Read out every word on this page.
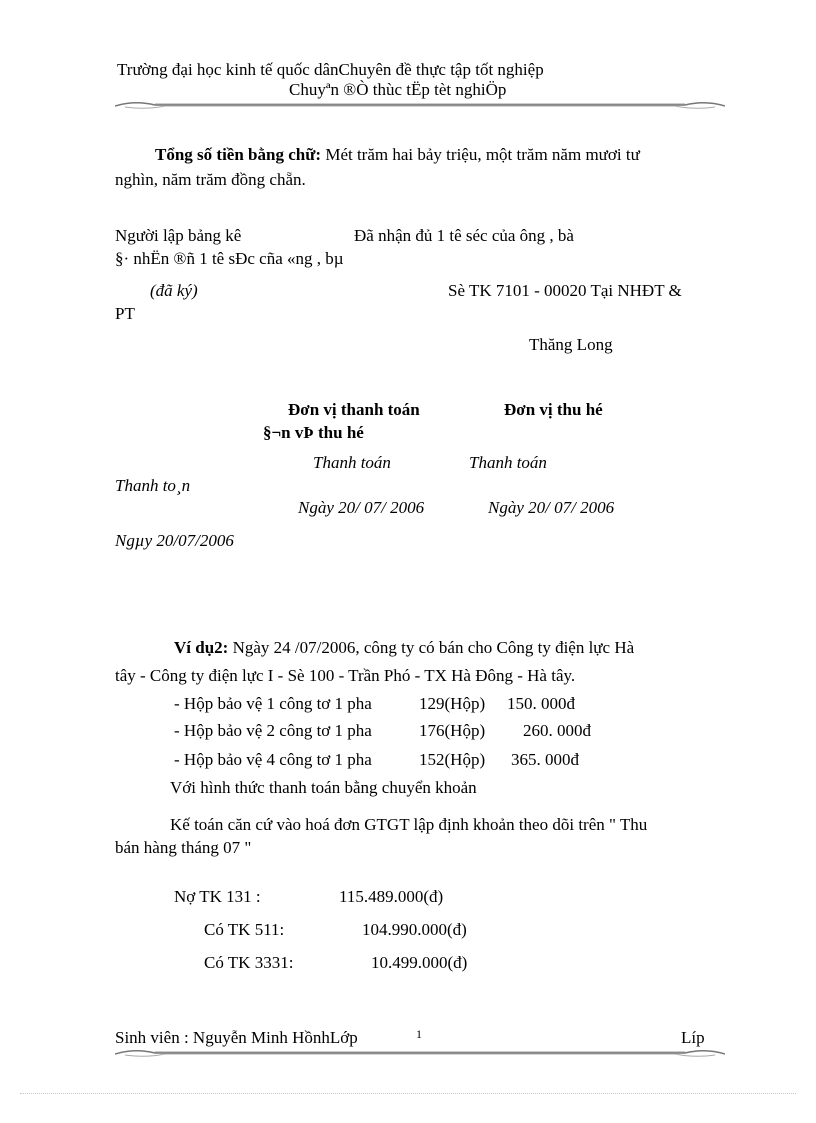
Trường đại học kinh tế quốc dânChuyên đề thực tập tốt nghiệp
Chuyªn ®Ò thùc tËp tèt nghiÖp
Tổng số tiền bằng chữ: Mét trăm hai bảy triệu, một trăm năm mươi tư
nghìn, năm trăm đồng chẵn.
Người lập bảng kê	Đã nhận đủ 1 tê séc của ông , bà
§· nhËn ®ñ 1 tê sÐc cña «ng , bµ
(đã ký)	Sè TK 7101 - 00020 Tại NHĐT &
PT
Thăng Long
Đơn vị thanh toán	Đơn vị thu hé
§¬n vÞ thu hé
Thanh toán	Thanh toán
Thanh to¸n
Ngày 20/ 07/ 2006	Ngày 20/ 07/ 2006
Ngµy 20/07/2006
Ví dụ2: Ngày 24 /07/2006, công ty có bán cho Công ty điện lực Hà
tây - Công ty điện lực I - Sè 100 - Trần Phó - TX Hà Đông - Hà tây.
- Hộp bảo vệ 1 công tơ 1 pha	129(Hộp) 150. 000đ
- Hộp bảo vệ 2 công tơ 1 pha	176(Hộp) 260. 000đ
- Hộp bảo vệ 4 công tơ 1 pha	152(Hộp) 365. 000đ
Với hình thức thanh toán bằng chuyển khoản
Kế toán căn cứ vào hoá đơn GTGT lập định khoản theo dõi trên " Thu
bán hàng tháng 07 "
Nợ TK 131 :	115.489.000(đ)
Có TK 511:	104.990.000(đ)
Có TK 3331:	10.499.000(đ)
Sinh viên : Nguyễn Minh HồnhLớp	1	Líp
